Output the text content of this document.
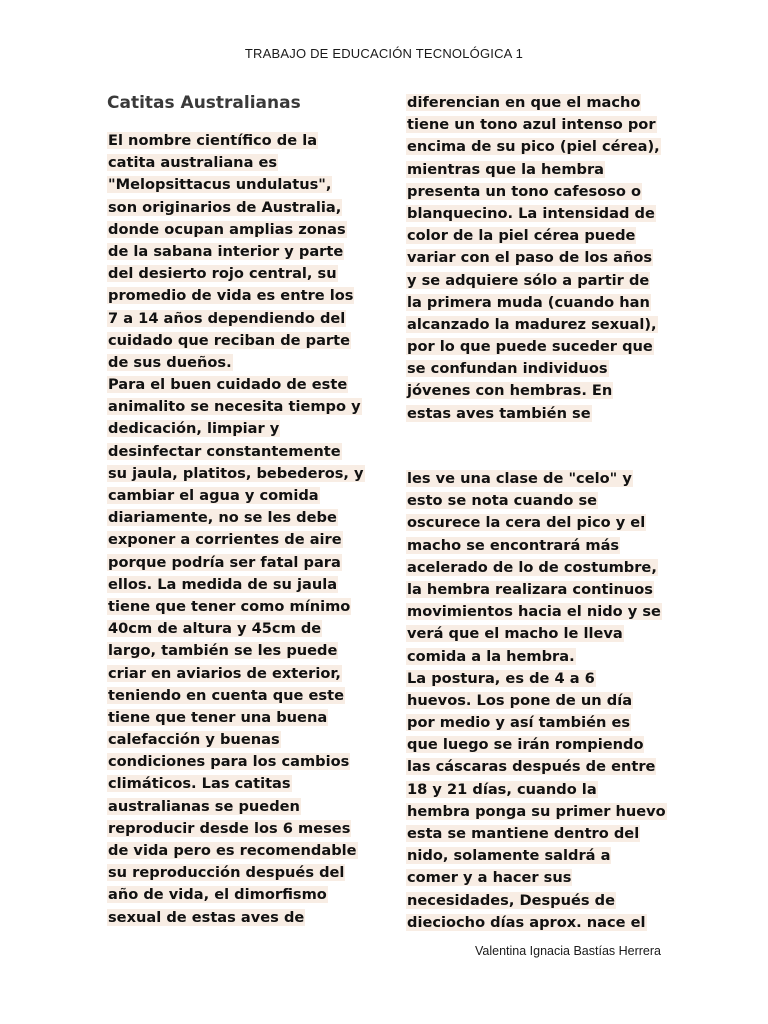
TRABAJO DE EDUCACIÓN TECNOLÓGICA 1
Catitas Australianas
El nombre científico de la
catita australiana es
"Melopsittacus undulatus",
son originarios de Australia,
donde ocupan amplias zonas
de la sabana interior y parte
del desierto rojo central, su
promedio de vida es entre los
7 a 14 años dependiendo del
cuidado que reciban de parte
de sus dueños.
Para el buen cuidado de este
animalito se necesita tiempo y
dedicación, limpiar y
desinfectar constantemente
su jaula, platitos, bebederos, y
cambiar el agua y comida
diariamente, no se les debe
exponer a corrientes de aire
porque podría ser fatal para
ellos. La medida de su jaula
tiene que tener como mínimo
40cm de altura y 45cm de
largo, también se les puede
criar en aviarios de exterior,
teniendo en cuenta que este
tiene que tener una buena
calefacción y buenas
condiciones para los cambios
climáticos. Las catitas
australianas se pueden
reproducir desde los 6 meses
de vida pero es recomendable
su reproducción después del
año de vida, el dimorfismo
sexual de estas aves de
diferencian en que el macho
tiene un tono azul intenso por
encima de su pico (piel cérea),
mientras que la hembra
presenta un tono cafesoso o
blanquecino. La intensidad de
color de la piel cérea puede
variar con el paso de los años
y se adquiere sólo a partir de
la primera muda (cuando han
alcanzado la madurez sexual),
por lo que puede suceder que
se confundan individuos
jóvenes con hembras. En
estas aves también se
les ve una clase de "celo" y
esto se nota cuando se
oscurece la cera del pico y el
macho se encontrará más
acelerado de lo de costumbre,
la hembra realizara continuos
movimientos hacia el nido y se
verá que el macho le lleva
comida a la hembra.
La postura, es de 4 a 6
huevos. Los pone de un día
por medio y así también es
que luego se irán rompiendo
las cáscaras después de entre
18 y 21 días, cuando la
hembra ponga su primer huevo
esta se mantiene dentro del
nido, solamente saldrá a
comer y a hacer sus
necesidades, Después de
dieciocho días aprox. nace el
Valentina Ignacia Bastías Herrera
